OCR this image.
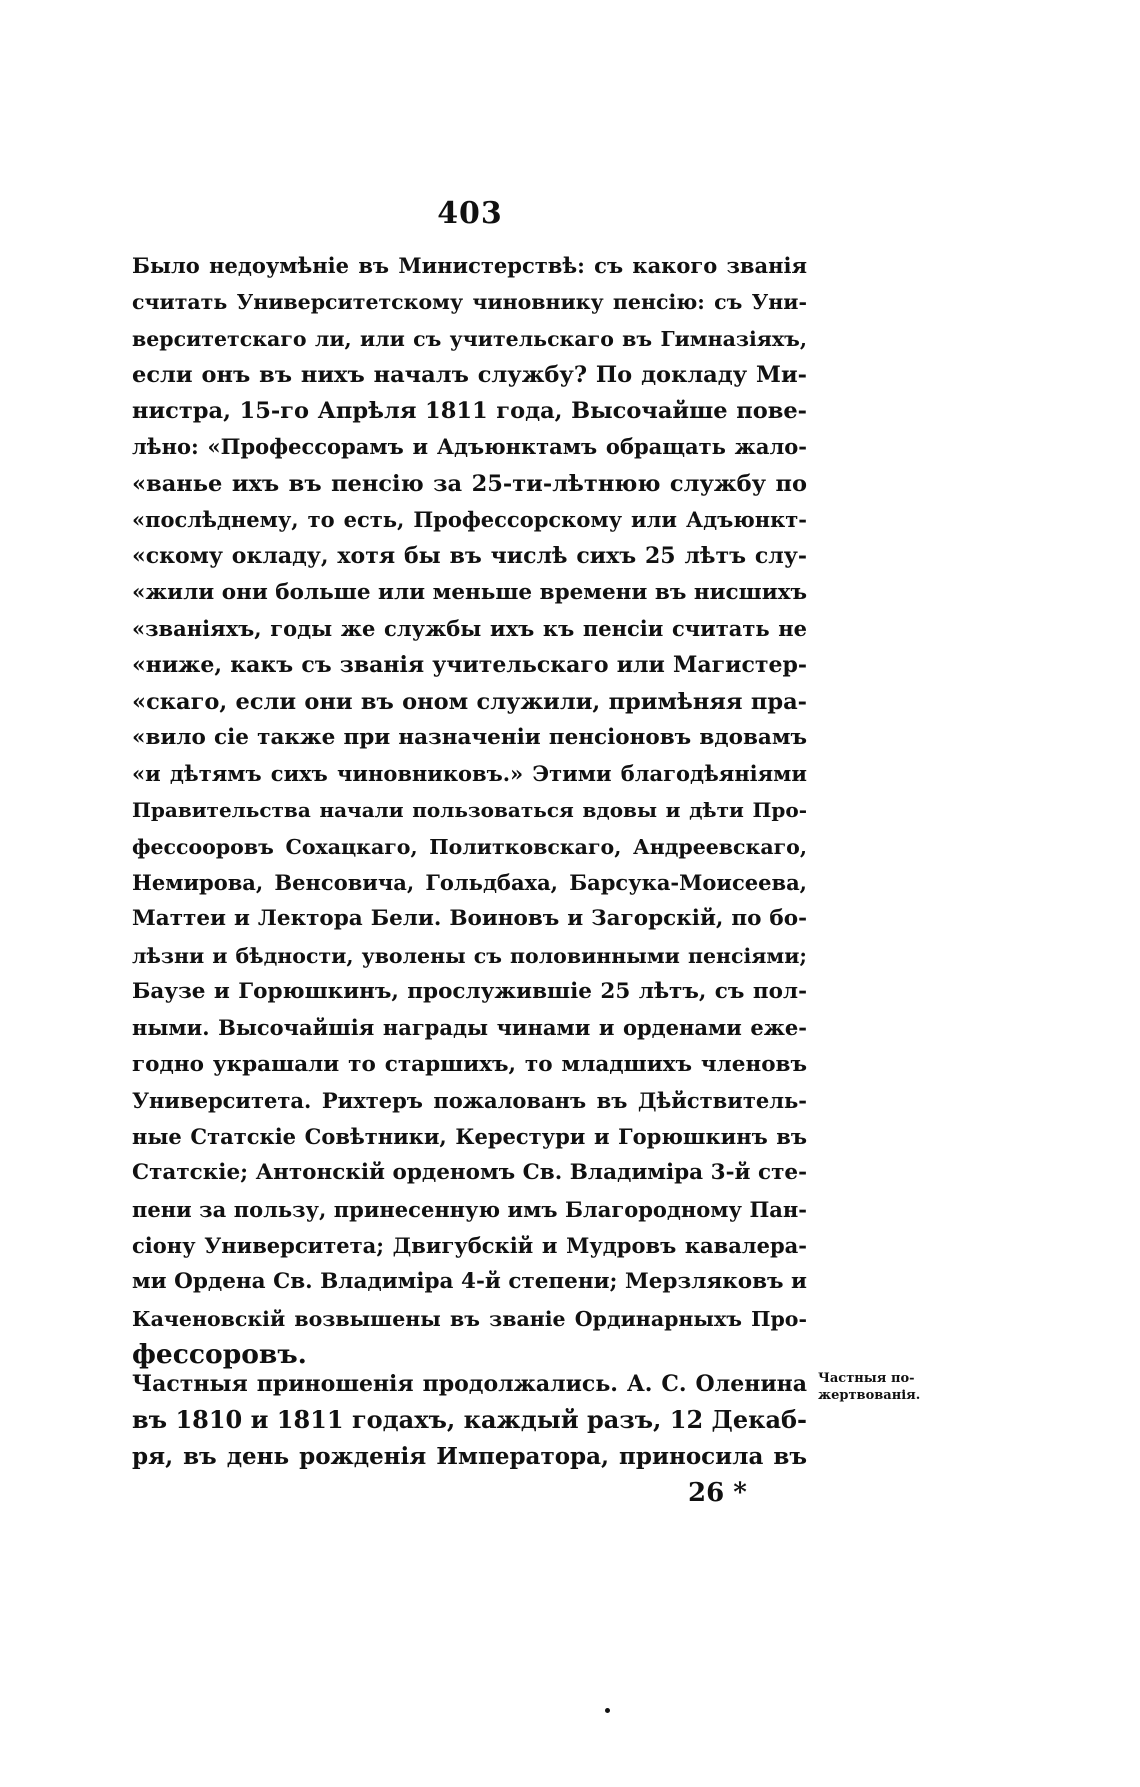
403
Было недоумѣніе въ Министерствѣ: съ какого званія
считать Университетскому чиновнику пенсію: съ Уни-
верситетскаго ли, или съ учительскаго въ Гимназіяхъ,
если онъ въ нихъ началъ службу? По докладу Ми-
нистра, 15-го Апрѣля 1811 года, Высочайше пове-
лѣно: «Профессорамъ и Адъюнктамъ обращать жало-
«ванье ихъ въ пенсію за 25-ти-лѣтнюю службу по
«послѣднему, то есть, Профессорскому или Адъюнкт-
«скому окладу, хотя бы въ числѣ сихъ 25 лѣтъ слу-
«жили они больше или меньше времени въ нисшихъ
«званіяхъ, годы же службы ихъ къ пенсіи считать не
«ниже, какъ съ званія учительскаго или Магистер-
«скаго, если они въ оном служили, примѣняя пра-
«вило сіе также при назначеніи пенсіоновъ вдовамъ
«и дѣтямъ сихъ чиновниковъ.» Этими благодѣяніями
Правительства начали пользоваться вдовы и дѣти Про-
фессооровъ Сохацкаго, Политковскаго, Андреевскаго,
Немирова, Венсовича, Гольдбаха, Барсука-Моисеева,
Маттеи и Лектора Бели. Воиновъ и Загорскій, по бо-
лѣзни и бѣдности, уволены съ половинными пенсіями;
Баузе и Горюшкинъ, прослужившіе 25 лѣтъ, съ пол-
ными. Высочайшія награды чинами и орденами еже-
годно украшали то старшихъ, то младшихъ членовъ
Университета. Рихтеръ пожалованъ въ Дѣйствитель-
ные Статскіе Совѣтники, Керестури и Горюшкинъ въ
Статскіе; Антонскій орденомъ Св. Владиміра 3-й сте-
пени за пользу, принесенную имъ Благородному Пан-
сіону Университета; Двигубскій и Мудровъ кавалера-
ми Ордена Св. Владиміра 4-й степени; Мерзляковъ и
Каченовскій возвышены въ званіе Ординарныхъ Про-
фессоровъ.
Частныя приношенія продолжались. А. С. Оленина
въ 1810 и 1811 годахъ, каждый разъ, 12 Декаб-
ря, въ день рожденія Императора, приносила въ
Частныя по-
жертвованія.
26 *
